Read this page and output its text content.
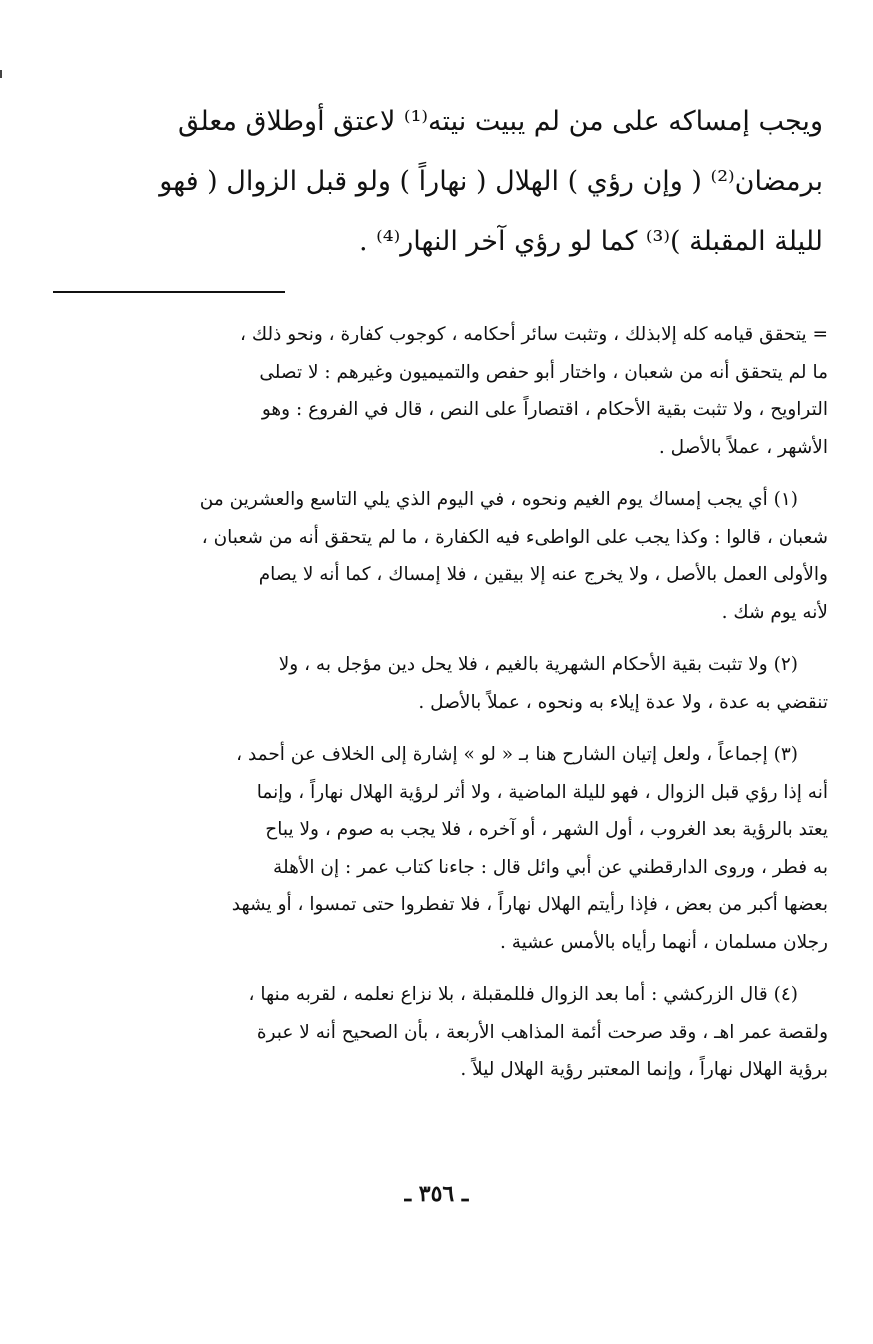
ويجب إمساكه على من لم يبيت نيته⁽¹⁾ لاعتق أوطلاق معلق
برمضان⁽²⁾ ( وإن رؤي ) الهلال ( نهاراً ) ولو قبل الزوال ( فهو
لليلة المقبلة )⁽³⁾ كما لو رؤي آخر النهار⁽⁴⁾ .
= يتحقق قيامه كله إلابذلك ، وتثبت سائر أحكامه ، كوجوب كفارة ، ونحو ذلك ،
ما لم يتحقق أنه من شعبان ، واختار أبو حفص والتميميون وغيرهم : لا تصلى
التراويح ، ولا تثبت بقية الأحكام ، اقتصاراً على النص ، قال في الفروع : وهو
الأشهر ، عملاً بالأصل .
(١) أي يجب إمساك يوم الغيم ونحوه ، في اليوم الذي يلي التاسع والعشرين من
شعبان ، قالوا : وكذا يجب على الواطىء فيه الكفارة ، ما لم يتحقق أنه من شعبان ،
والأولى العمل بالأصل ، ولا يخرج عنه إلا بيقين ، فلا إمساك ، كما أنه لا يصام
لأنه يوم شك .
(٢) ولا تثبت بقية الأحكام الشهرية بالغيم ، فلا يحل دين مؤجل به ، ولا
تنقضي به عدة ، ولا عدة إيلاء به ونحوه ، عملاً بالأصل .
(٣) إجماعاً ، ولعل إتيان الشارح هنا بـ « لو » إشارة إلى الخلاف عن أحمد ،
أنه إذا رؤي قبل الزوال ، فهو لليلة الماضية ، ولا أثر لرؤية الهلال نهاراً ، وإنما
يعتد بالرؤية بعد الغروب ، أول الشهر ، أو آخره ، فلا يجب به صوم ، ولا يباح
به فطر ، وروى الدارقطني عن أبي وائل قال : جاءنا كتاب عمر : إن الأهلة
بعضها أكبر من بعض ، فإذا رأيتم الهلال نهاراً ، فلا تفطروا حتى تمسوا ، أو يشهد
رجلان مسلمان ، أنهما رأياه بالأمس عشية .
(٤) قال الزركشي : أما بعد الزوال فللمقبلة ، بلا نزاع نعلمه ، لقربه منها ،
ولقصة عمر اهـ ، وقد صرحت أئمة المذاهب الأربعة ، بأن الصحيح أنه لا عبرة
برؤية الهلال نهاراً ، وإنما المعتبر رؤية الهلال ليلاً .
ـ ٣٥٦ ـ
